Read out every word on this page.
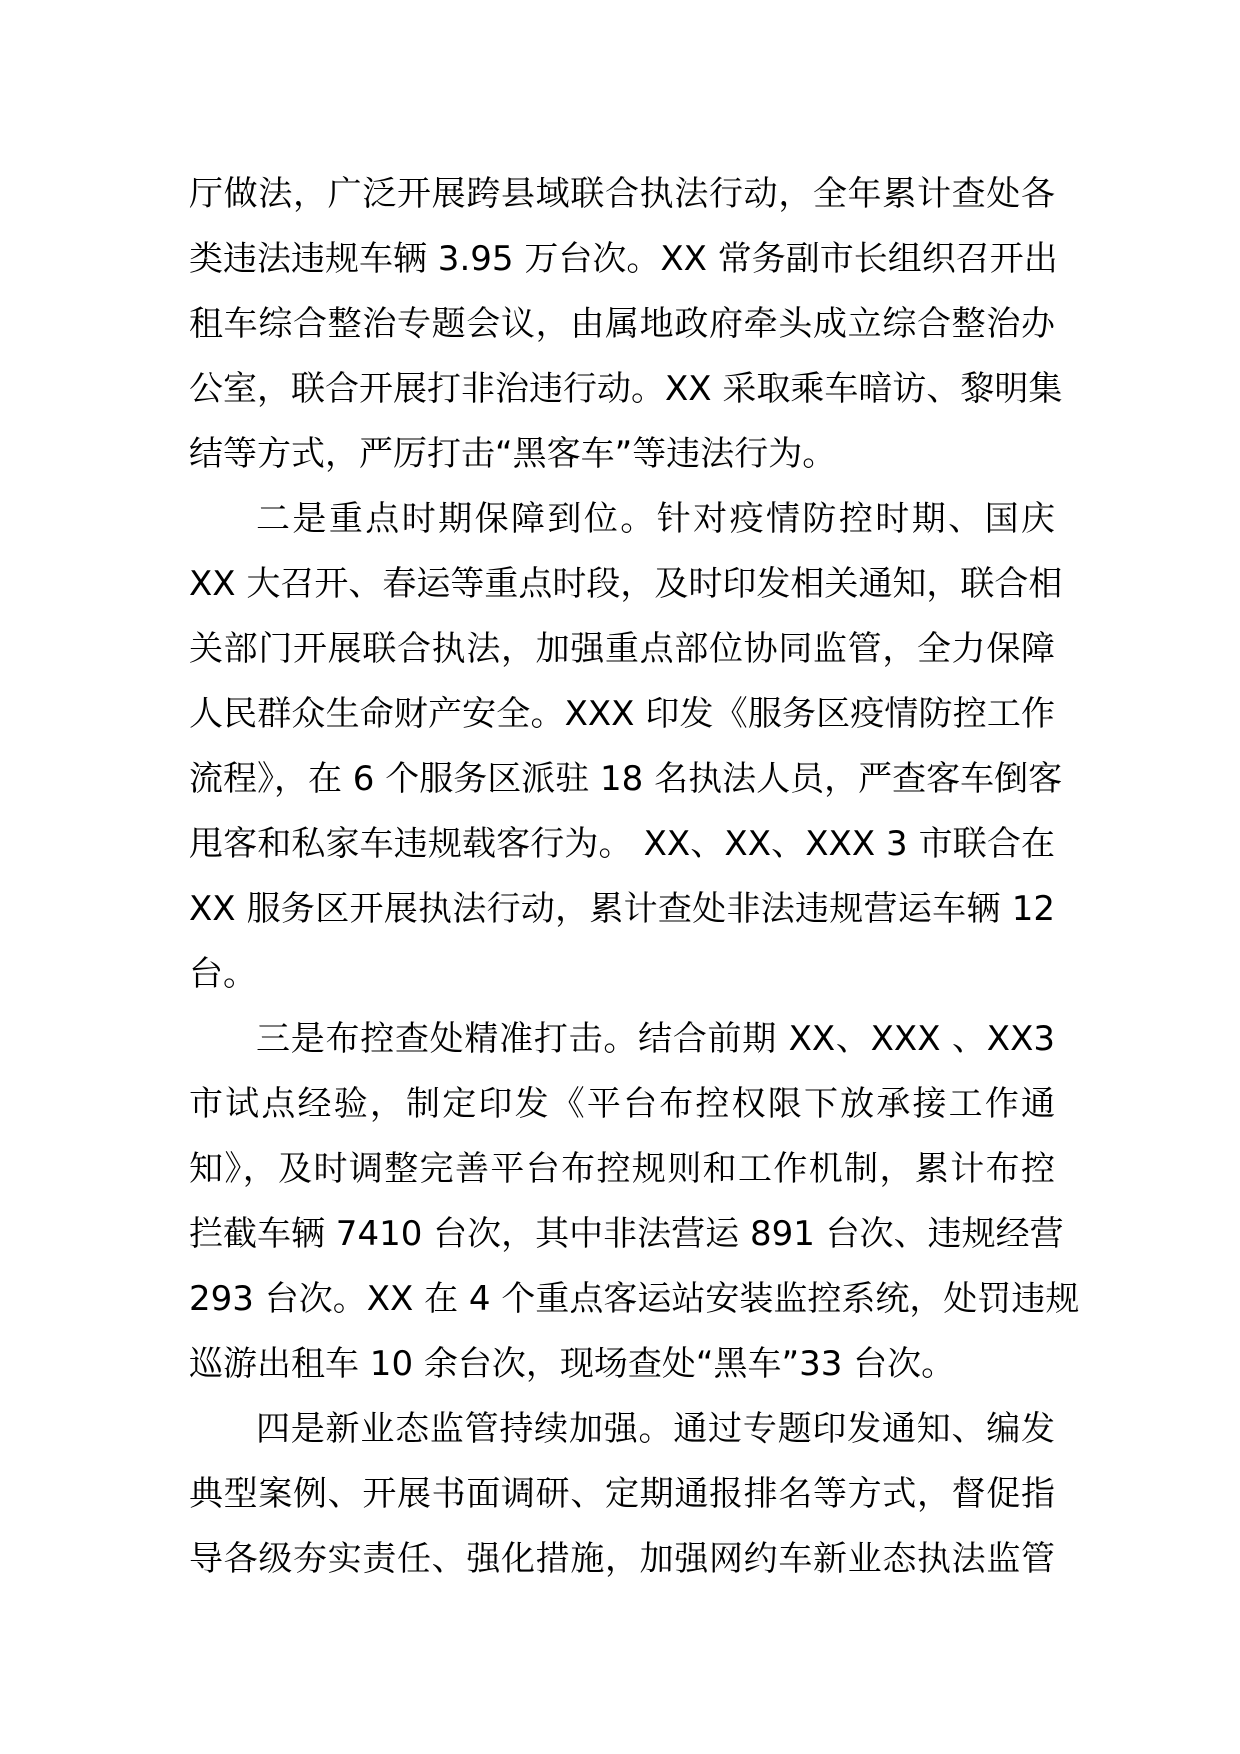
厅做法，广泛开展跨县域联合执法行动，全年累计查处各
类违法违规车辆 3.95 万台次。XX 常务副市长组织召开出
租车综合整治专题会议，由属地政府牵头成立综合整治办
公室，联合开展打非治违行动。XX 采取乘车暗访、黎明集
结等方式，严厉打击“黑客车”等违法行为。
二是重点时期保障到位。针对疫情防控时期、国庆
XX 大召开、春运等重点时段，及时印发相关通知，联合相
关部门开展联合执法，加强重点部位协同监管，全力保障
人民群众生命财产安全。XXX 印发《服务区疫情防控工作
流程》，在 6 个服务区派驻 18 名执法人员，严查客车倒客
甩客和私家车违规载客行为。 XX、XX、XXX 3 市联合在
XX 服务区开展执法行动，累计查处非法违规营运车辆 12
台。
三是布控查处精准打击。结合前期 XX、XXX 、XX3
市试点经验，制定印发《平台布控权限下放承接工作通
知》，及时调整完善平台布控规则和工作机制，累计布控
拦截车辆 7410 台次，其中非法营运 891 台次、违规经营
293 台次。XX 在 4 个重点客运站安装监控系统，处罚违规
巡游出租车 10 余台次，现场查处“黑车”33 台次。
四是新业态监管持续加强。通过专题印发通知、编发
典型案例、开展书面调研、定期通报排名等方式，督促指
导各级夯实责任、强化措施，加强网约车新业态执法监管
